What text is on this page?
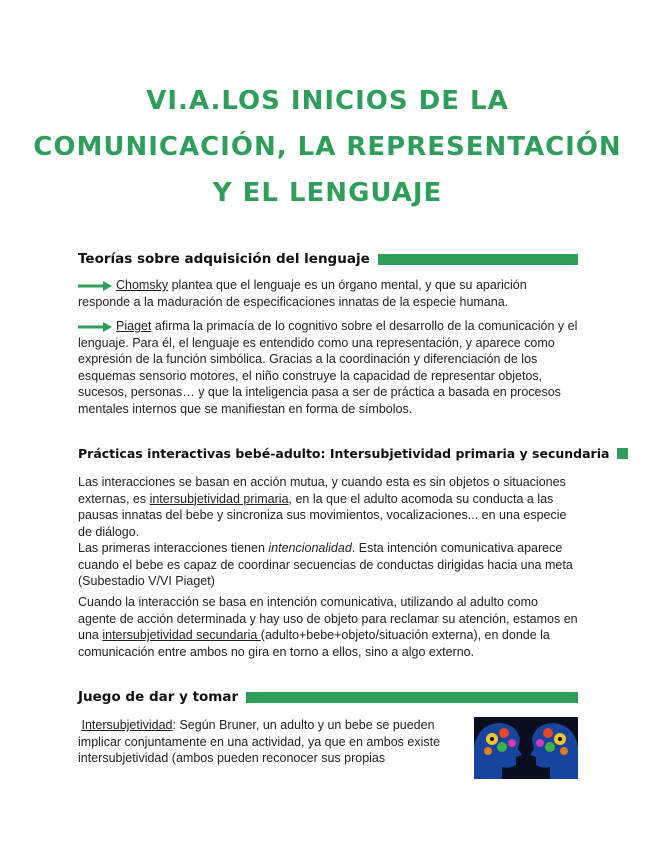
VI.A.LOS INICIOS DE LA
COMUNICACIÓN, LA REPRESENTACIÓN
Y EL LENGUAJE
Teorías sobre adquisición del lenguaje
Chomsky plantea que el lenguaje es un órgano mental, y que su aparición responde a la maduración de especificaciones innatas de la especie humana.
Piaget afirma la primacía de lo cognitivo sobre el desarrollo de la comunicación y el lenguaje. Para él, el lenguaje es entendido como una representación, y aparece como expresión de la función simbólica. Gracias a la coordinación y diferenciación de los esquemas sensorio motores, el niño construye la capacidad de representar objetos, sucesos, personas… y que la inteligencia pasa a ser de práctica a basada en procesos mentales internos que se manifiestan en forma de símbolos.
Prácticas interactivas bebé-adulto: Intersubjetividad primaria y secundaria
Las interacciones se basan en acción mutua, y cuando esta es sin objetos o situaciones externas, es intersubjetividad primaria, en la que el adulto acomoda su conducta a las pausas innatas del bebe y sincroniza sus movimientos, vocalizaciones... en una especie de diálogo.
Las primeras interacciones tienen intencionalidad. Esta intención comunicativa aparece cuando el bebe es capaz de coordinar secuencias de conductas dirigidas hacia una meta (Subestadio V/VI Piaget)
Cuando la interacción se basa en intención comunicativa, utilizando al adulto como agente de acción determinada y hay uso de objeto para reclamar su atención, estamos en una intersubjetividad secundaria (adulto+bebe+objeto/situación externa), en donde la comunicación entre ambos no gira en torno a ellos, sino a algo externo.
Juego de dar y tomar
Intersubjetividad: Según Bruner, un adulto y un bebe se pueden implicar conjuntamente en una actividad, ya que en ambos existe intersubjetividad (ambos pueden reconocer sus propias
